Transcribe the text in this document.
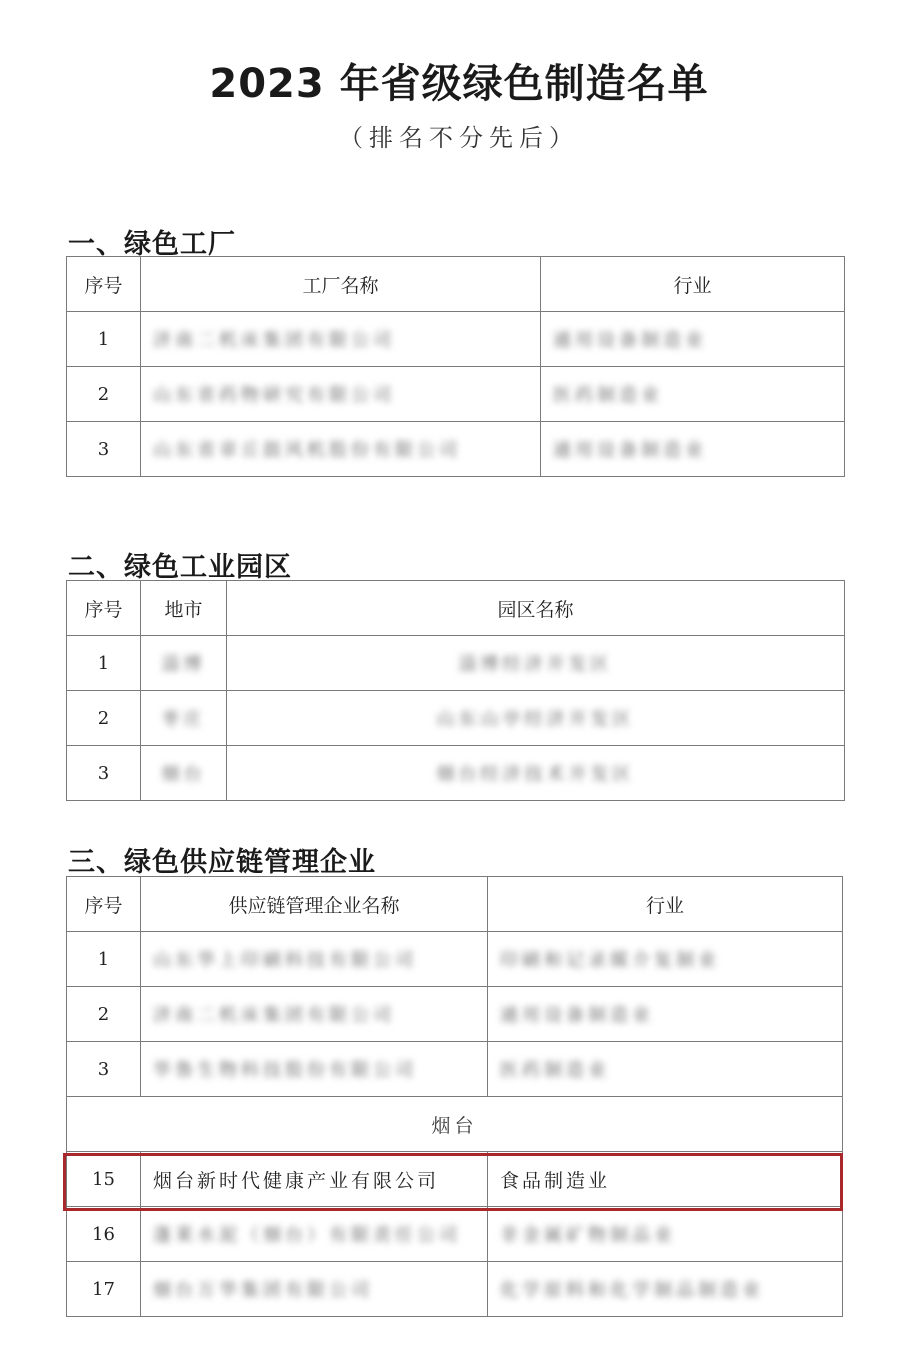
2023 年省级绿色制造名单
（排名不分先后）
一、绿色工厂
序号	工厂名称	行业
1	济南二机床集团有限公司	通用设备制造业
2	山东省药物研究有限公司	医药制造业
3	山东省章丘鼓风机股份有限公司	通用设备制造业
二、绿色工业园区
序号	地市	园区名称
1	淄博	淄博经济开发区
2	枣庄	山东山亭经济开发区
3	烟台	烟台经济技术开发区
三、绿色供应链管理企业
序号	供应链管理企业名称	行业
1	山东华上印刷科技有限公司	印刷和记录媒介复制业
2	济南二机床集团有限公司	通用设备制造业
3	华鲁生物科技股份有限公司	医药制造业
烟台		
15	烟台新时代健康产业有限公司	食品制造业
16	蓬莱水泥（烟台）有限责任公司	非金属矿物制品业
17	烟台万华集团有限公司	化学原料和化学制品制造业
